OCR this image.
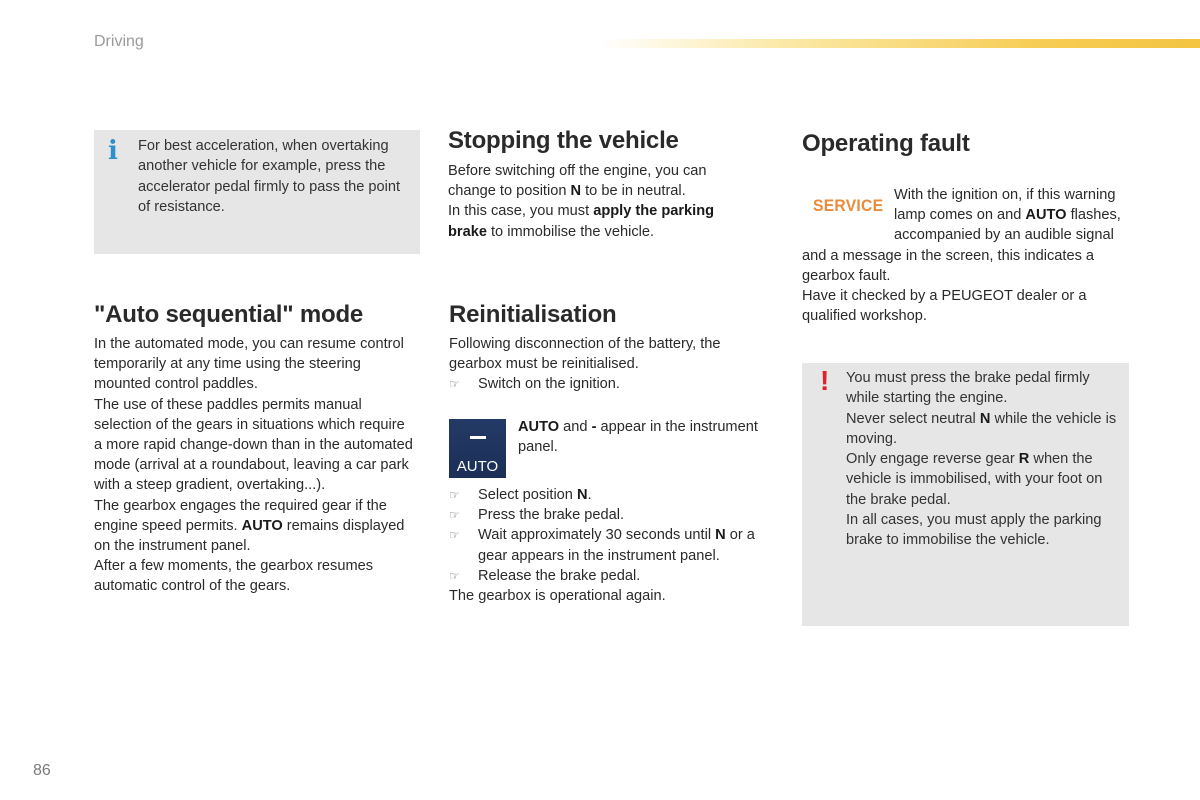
Driving
i For best acceleration, when overtaking another vehicle for example, press the accelerator pedal firmly to pass the point of resistance.
"Auto sequential" mode

In the automated mode, you can resume control temporarily at any time using the steering mounted control paddles.

The use of these paddles permits manual selection of the gears in situations which require a more rapid change-down than in the automated mode (arrival at a roundabout, leaving a car park with a steep gradient, overtaking...).

The gearbox engages the required gear if the engine speed permits. AUTO remains displayed on the instrument panel.

After a few moments, the gearbox resumes automatic control of the gears.

Stopping the vehicle

Before switching off the engine, you can change to position N to be in neutral.

In this case, you must apply the parking brake to immobilise the vehicle.

Reinitialisation

Following disconnection of the battery, the gearbox must be reinitialised.

☞ Switch on the ignition.
AUTO

AUTO and - appear in the instrument panel.

☞ Select position N.
☞ Press the brake pedal.
☞ Wait approximately 30 seconds until N or a gear appears in the instrument panel.
☞ Release the brake pedal.

The gearbox is operational again.

Operating fault
SERVICE

With the ignition on, if this warning lamp comes on and AUTO flashes, accompanied by an audible signal and a message in the screen, this indicates a gearbox fault.

Have it checked by a PEUGEOT dealer or a qualified workshop.

! You must press the brake pedal firmly while starting the engine.
Never select neutral N while the vehicle is moving.
Only engage reverse gear R when the vehicle is immobilised, with your foot on the brake pedal.
In all cases, you must apply the parking brake to immobilise the vehicle.
86
